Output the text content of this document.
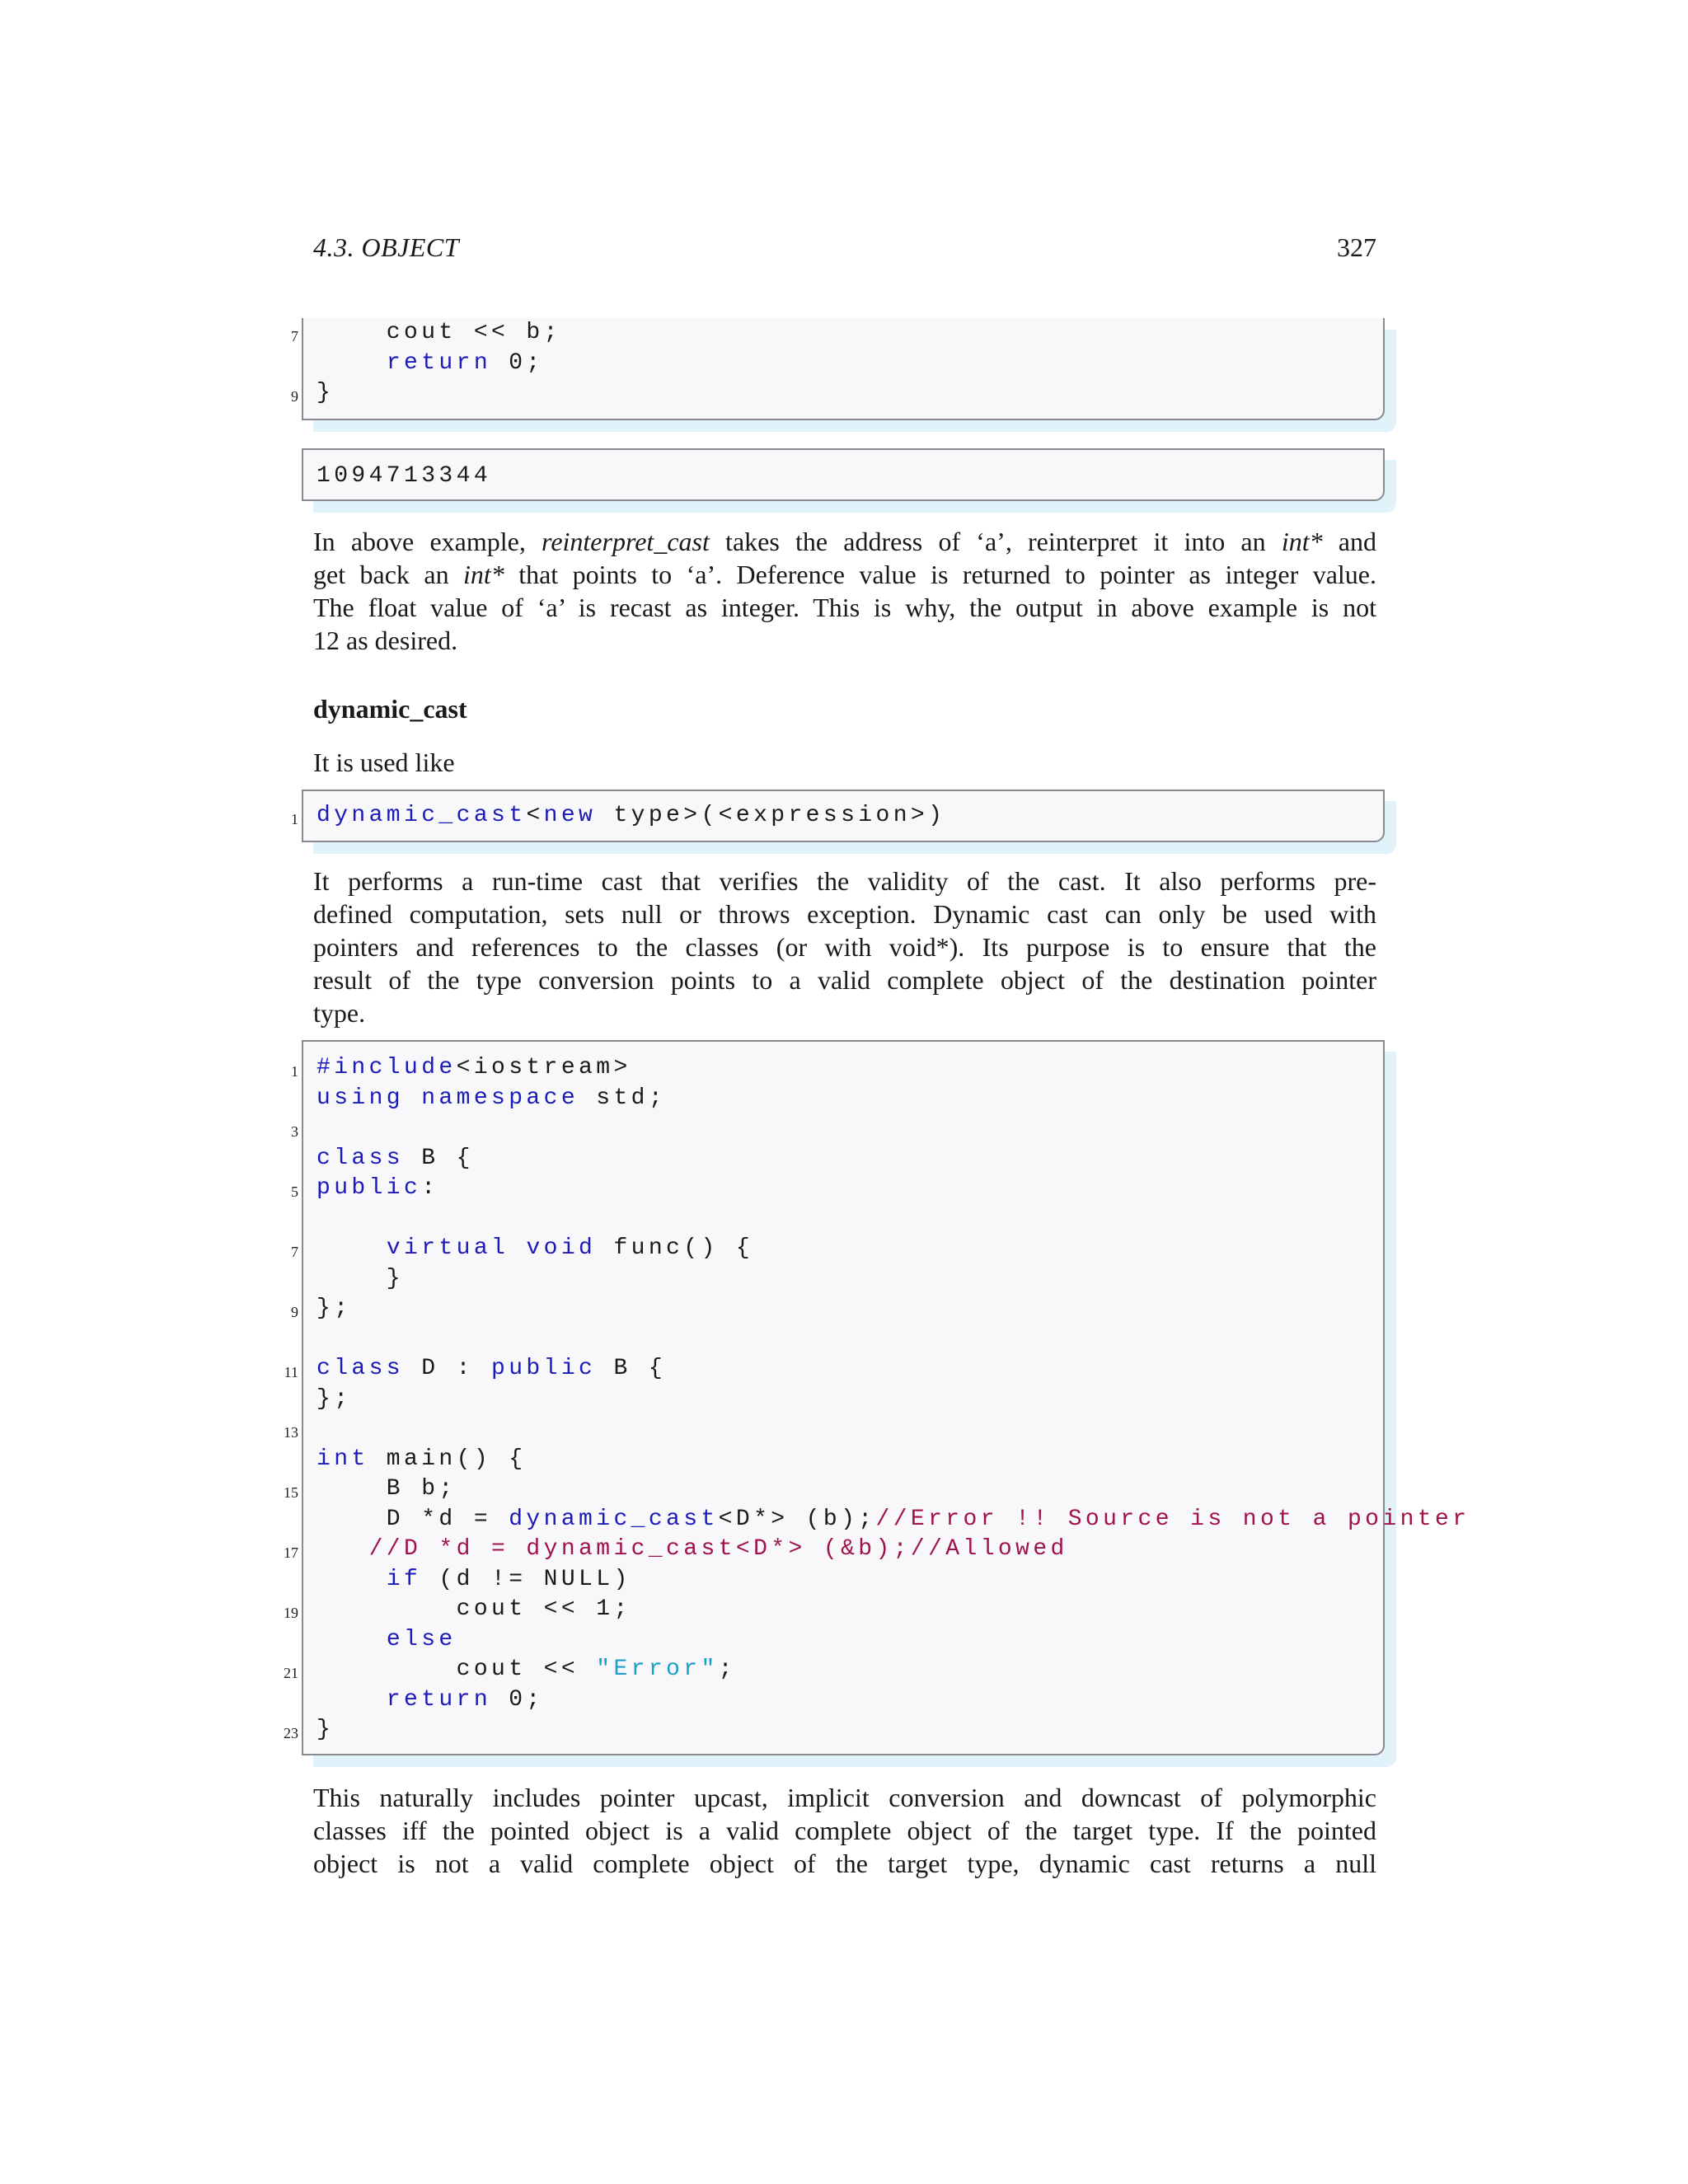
4.3. OBJECT	327
7 cout << b;
return 0;
9 }
1094713344
In above example, reinterpret_cast takes the address of ‘a’, reinterpret it into an int* and
get back an int* that points to ‘a’. Deference value is returned to pointer as integer value.
The float value of ‘a’ is recast as integer. This is why, the output in above example is not
12 as desired.
dynamic_cast
It is used like
1 dynamic_cast<new type>(<expression>)
It performs a run-time cast that verifies the validity of the cast. It also performs pre-
defined computation, sets null or throws exception. Dynamic cast can only be used with
pointers and references to the classes (or with void*). Its purpose is to ensure that the
result of the type conversion points to a valid complete object of the destination pointer
type.
1 #include<iostream>
using namespace std;
3
class B {
5 public:
7	virtual void func() {
}
9 };
11 class D : public B {
};
13
int main() {
15 B b;
D *d = dynamic_cast<D*> (b);//Error !! Source is not a pointer
17	//D *d = dynamic_cast<D*> (&b);//Allowed
if (d != NULL)
19 cout << 1;
else
21 cout << "Error";
return 0;
23 }
This naturally includes pointer upcast, implicit conversion and downcast of polymorphic
classes iff the pointed object is a valid complete object of the target type. If the pointed
object is not a valid complete object of the target type, dynamic cast returns a null
